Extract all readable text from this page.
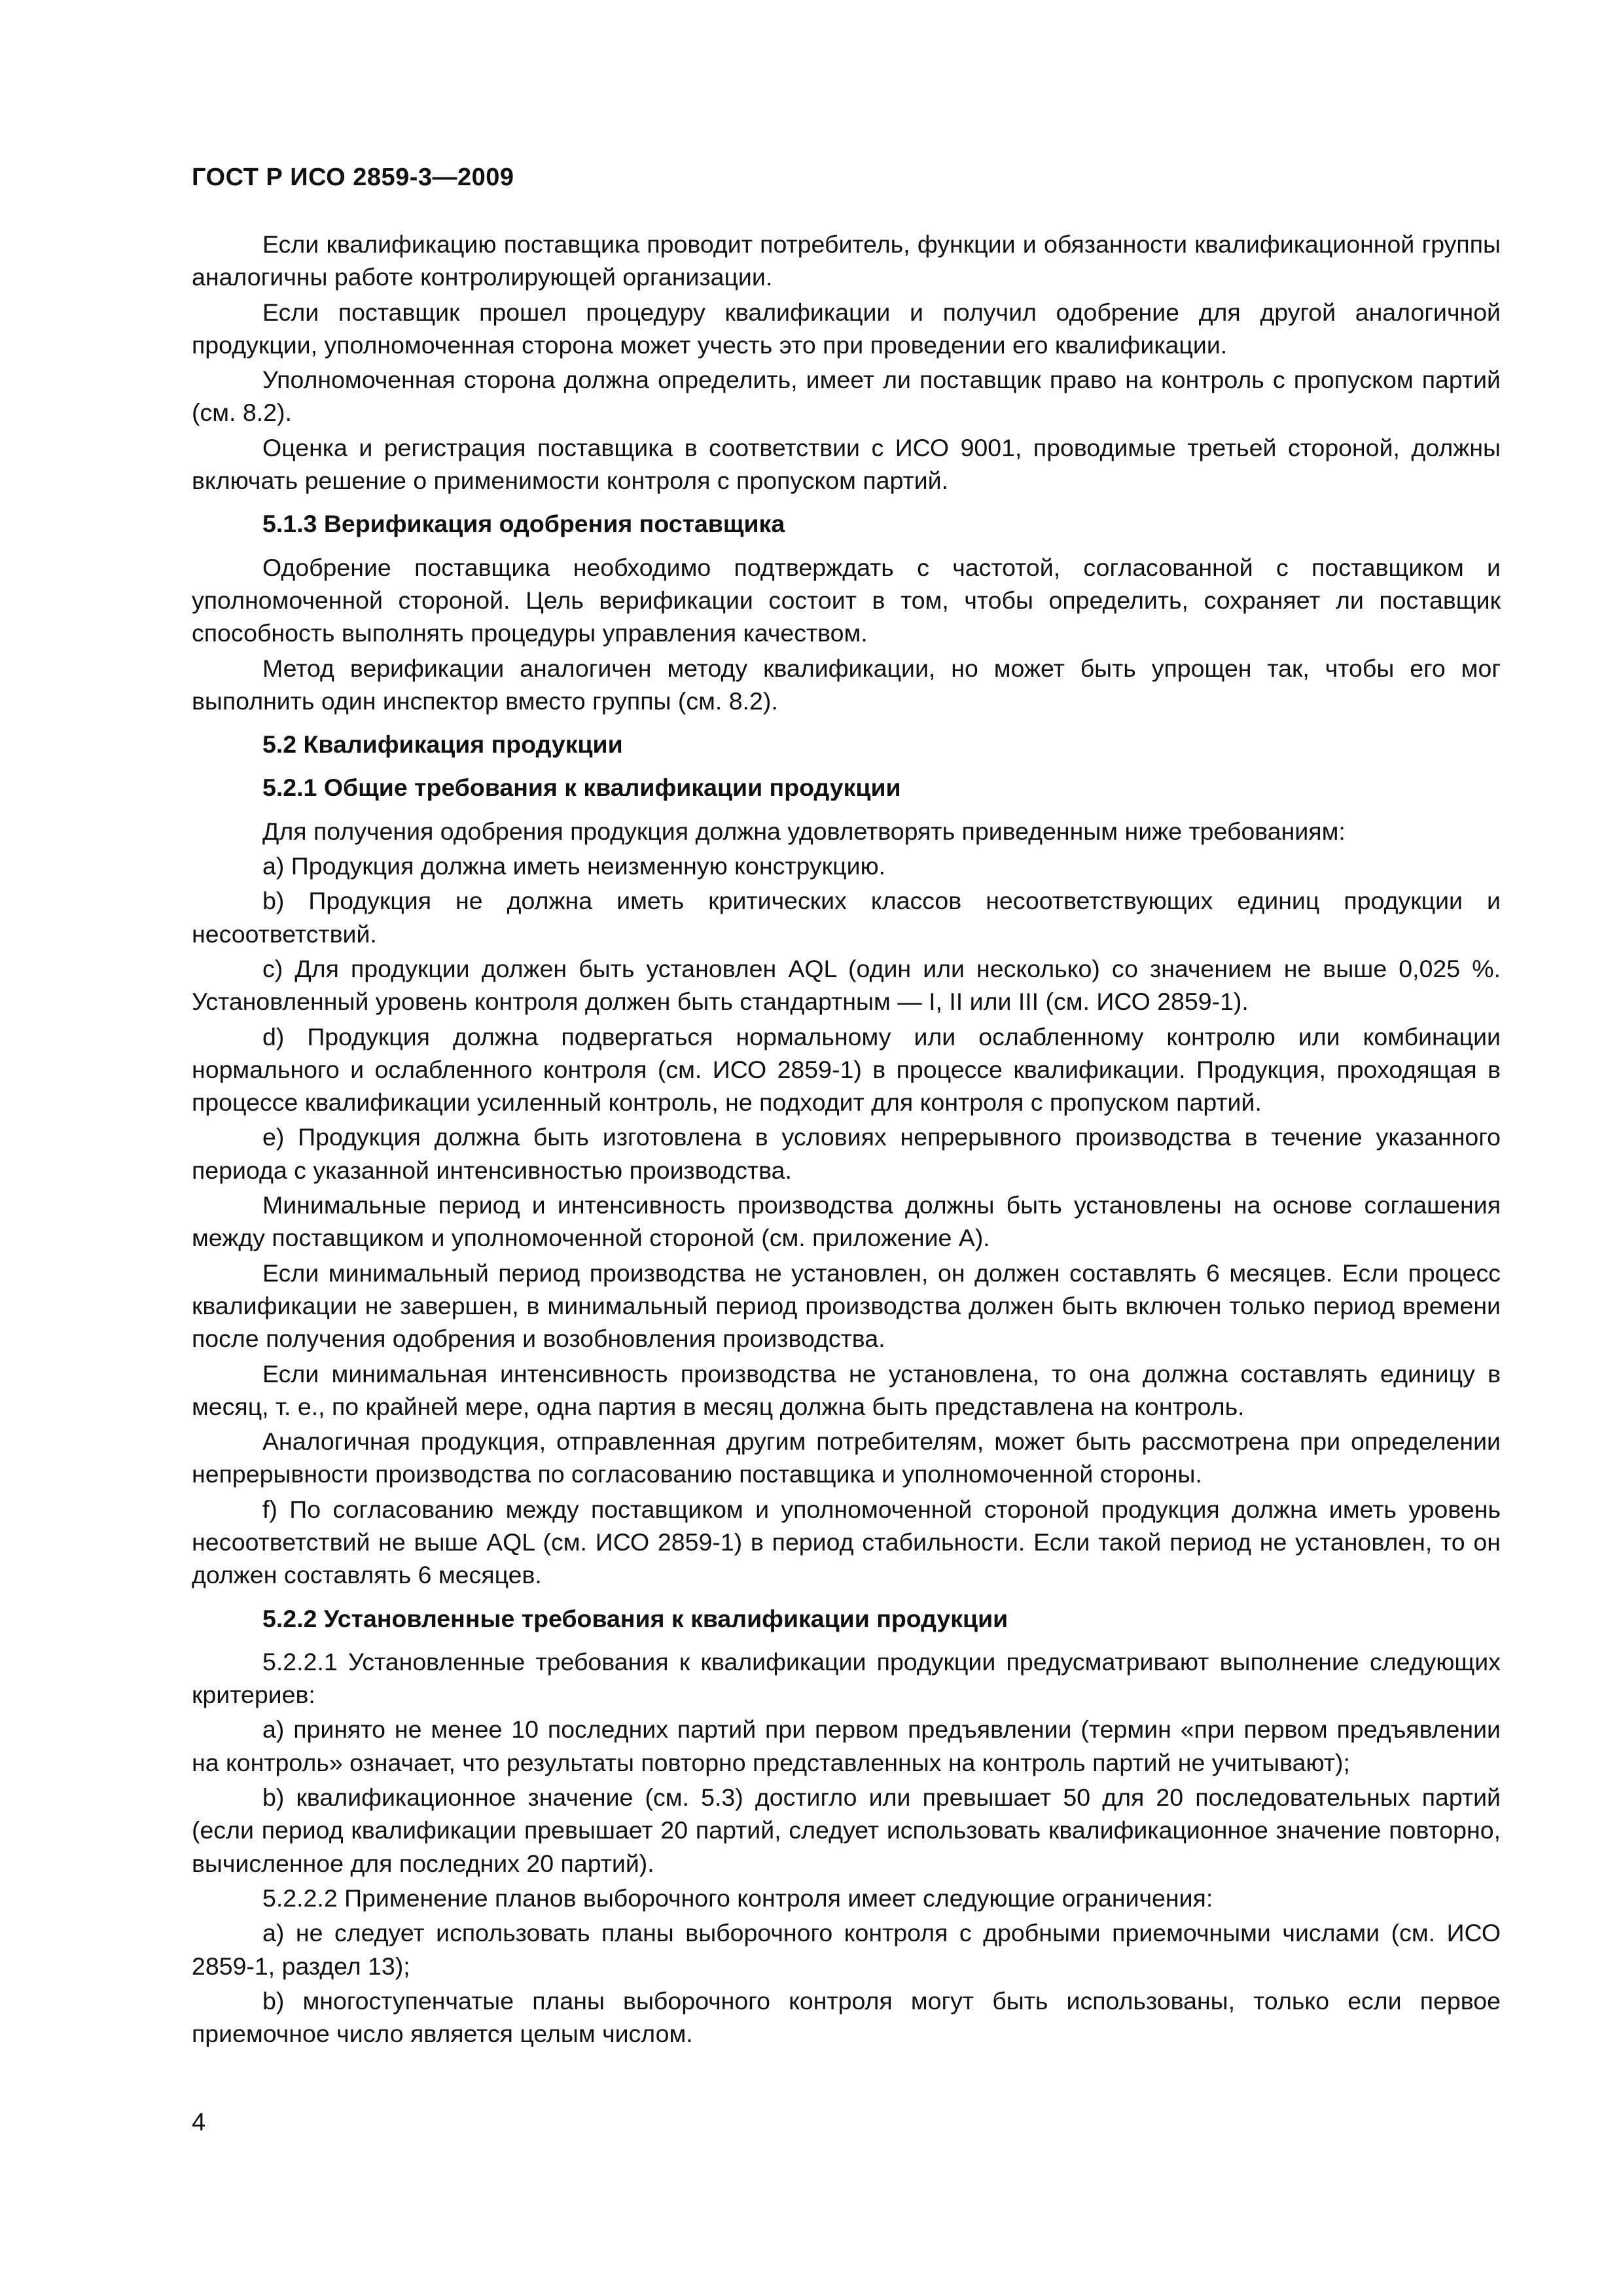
ГОСТ Р ИСО 2859-3—2009

Если квалификацию поставщика проводит потребитель, функции и обязанности квалификационной группы аналогичны работе контролирующей организации.

Если поставщик прошел процедуру квалификации и получил одобрение для другой аналогичной продукции, уполномоченная сторона может учесть это при проведении его квалификации.

Уполномоченная сторона должна определить, имеет ли поставщик право на контроль с пропуском партий (см. 8.2).

Оценка и регистрация поставщика в соответствии с ИСО 9001, проводимые третьей стороной, должны включать решение о применимости контроля с пропуском партий.

5.1.3 Верификация одобрения поставщика

Одобрение поставщика необходимо подтверждать с частотой, согласованной с поставщиком и уполномоченной стороной. Цель верификации состоит в том, чтобы определить, сохраняет ли поставщик способность выполнять процедуры управления качеством.

Метод верификации аналогичен методу квалификации, но может быть упрощен так, чтобы его мог выполнить один инспектор вместо группы (см. 8.2).

5.2 Квалификация продукции

5.2.1 Общие требования к квалификации продукции

Для получения одобрения продукция должна удовлетворять приведенным ниже требованиям:

a) Продукция должна иметь неизменную конструкцию.

b) Продукция не должна иметь критических классов несоответствующих единиц продукции и несоответствий.

c) Для продукции должен быть установлен AQL (один или несколько) со значением не выше 0,025 %. Установленный уровень контроля должен быть стандартным — I, II или III (см. ИСО 2859-1).

d) Продукция должна подвергаться нормальному или ослабленному контролю или комбинации нормального и ослабленного контроля (см. ИСО 2859-1) в процессе квалификации. Продукция, проходящая в процессе квалификации усиленный контроль, не подходит для контроля с пропуском партий.

e) Продукция должна быть изготовлена в условиях непрерывного производства в течение указанного периода с указанной интенсивностью производства.

Минимальные период и интенсивность производства должны быть установлены на основе соглашения между поставщиком и уполномоченной стороной (см. приложение А).

Если минимальный период производства не установлен, он должен составлять 6 месяцев. Если процесс квалификации не завершен, в минимальный период производства должен быть включен только период времени после получения одобрения и возобновления производства.

Если минимальная интенсивность производства не установлена, то она должна составлять единицу в месяц, т. е., по крайней мере, одна партия в месяц должна быть представлена на контроль.

Аналогичная продукция, отправленная другим потребителям, может быть рассмотрена при определении непрерывности производства по согласованию поставщика и уполномоченной стороны.

f) По согласованию между поставщиком и уполномоченной стороной продукция должна иметь уровень несоответствий не выше AQL (см. ИСО 2859-1) в период стабильности. Если такой период не установлен, то он должен составлять 6 месяцев.

5.2.2 Установленные требования к квалификации продукции

5.2.2.1 Установленные требования к квалификации продукции предусматривают выполнение следующих критериев:

a) принято не менее 10 последних партий при первом предъявлении (термин «при первом предъявлении на контроль» означает, что результаты повторно представленных на контроль партий не учитывают);

b) квалификационное значение (см. 5.3) достигло или превышает 50 для 20 последовательных партий (если период квалификации превышает 20 партий, следует использовать квалификационное значение повторно, вычисленное для последних 20 партий).

5.2.2.2 Применение планов выборочного контроля имеет следующие ограничения:

a) не следует использовать планы выборочного контроля с дробными приемочными числами (см. ИСО 2859-1, раздел 13);

b) многоступенчатые планы выборочного контроля могут быть использованы, только если первое приемочное число является целым числом.

4
